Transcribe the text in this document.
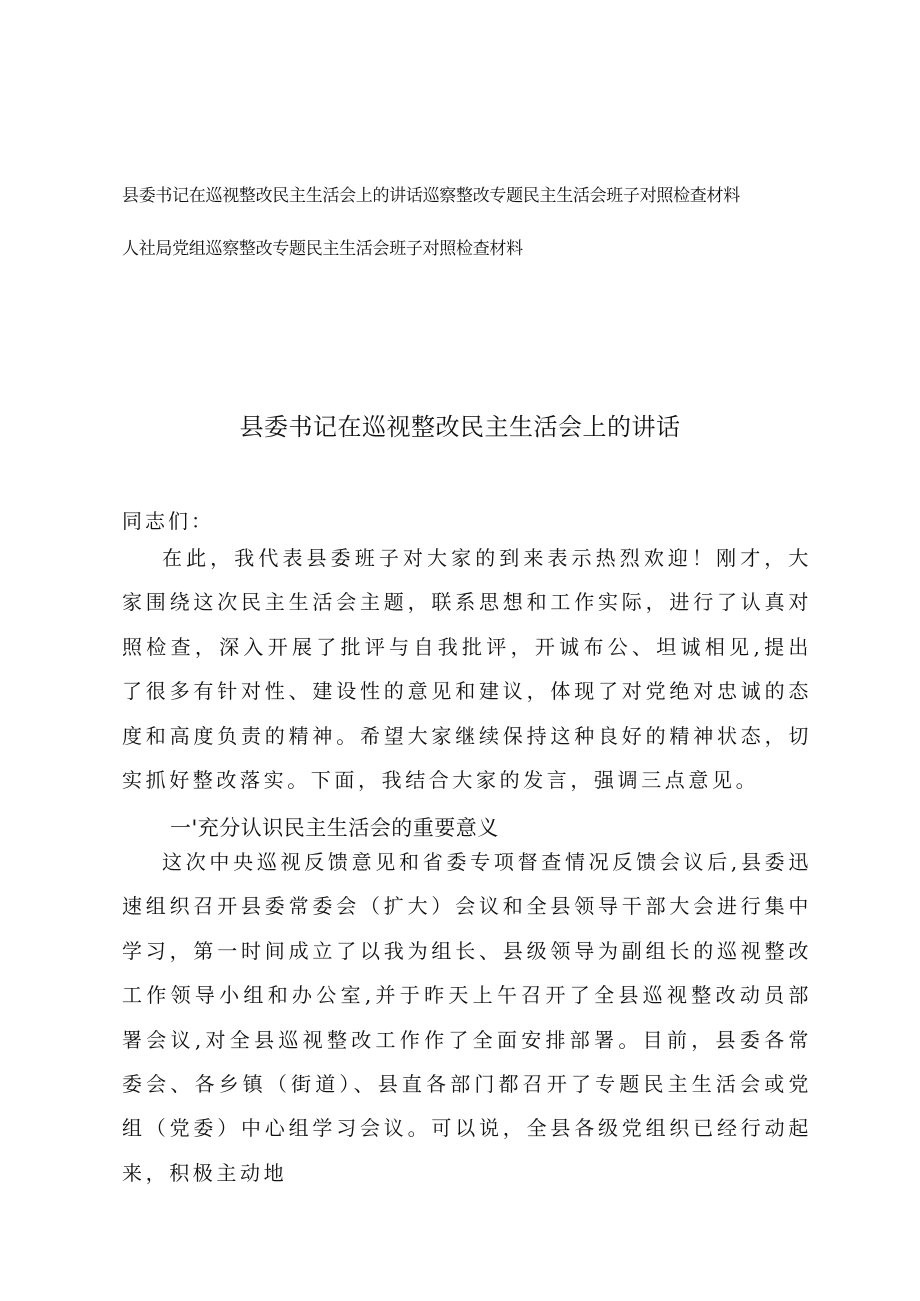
县委书记在巡视整改民主生活会上的讲话巡察整改专题民主生活会班子对照检查材料
人社局党组巡察整改专题民主生活会班子对照检查材料
县委书记在巡视整改民主生活会上的讲话
同志们：

在此，我代表县委班子对大家的到来表示热烈欢迎！刚才，大家围绕这次民主生活会主题，联系思想和工作实际，进行了认真对照检查，深入开展了批评与自我批评，开诚布公、坦诚相见,提出了很多有针对性、建设性的意见和建议，体现了对党绝对忠诚的态度和高度负责的精神。希望大家继续保持这种良好的精神状态，切实抓好整改落实。下面，我结合大家的发言，强调三点意见。

一'充分认识民主生活会的重要意义

这次中央巡视反馈意见和省委专项督查情况反馈会议后,县委迅速组织召开县委常委会（扩大）会议和全县领导干部大会进行集中学习，第一时间成立了以我为组长、县级领导为副组长的巡视整改工作领导小组和办公室,并于昨天上午召开了全县巡视整改动员部署会议,对全县巡视整改工作作了全面安排部署。目前，县委各常委会、各乡镇（街道）、县直各部门都召开了专题民主生活会或党组（党委）中心组学习会议。可以说，全县各级党组织已经行动起来，积极主动地
